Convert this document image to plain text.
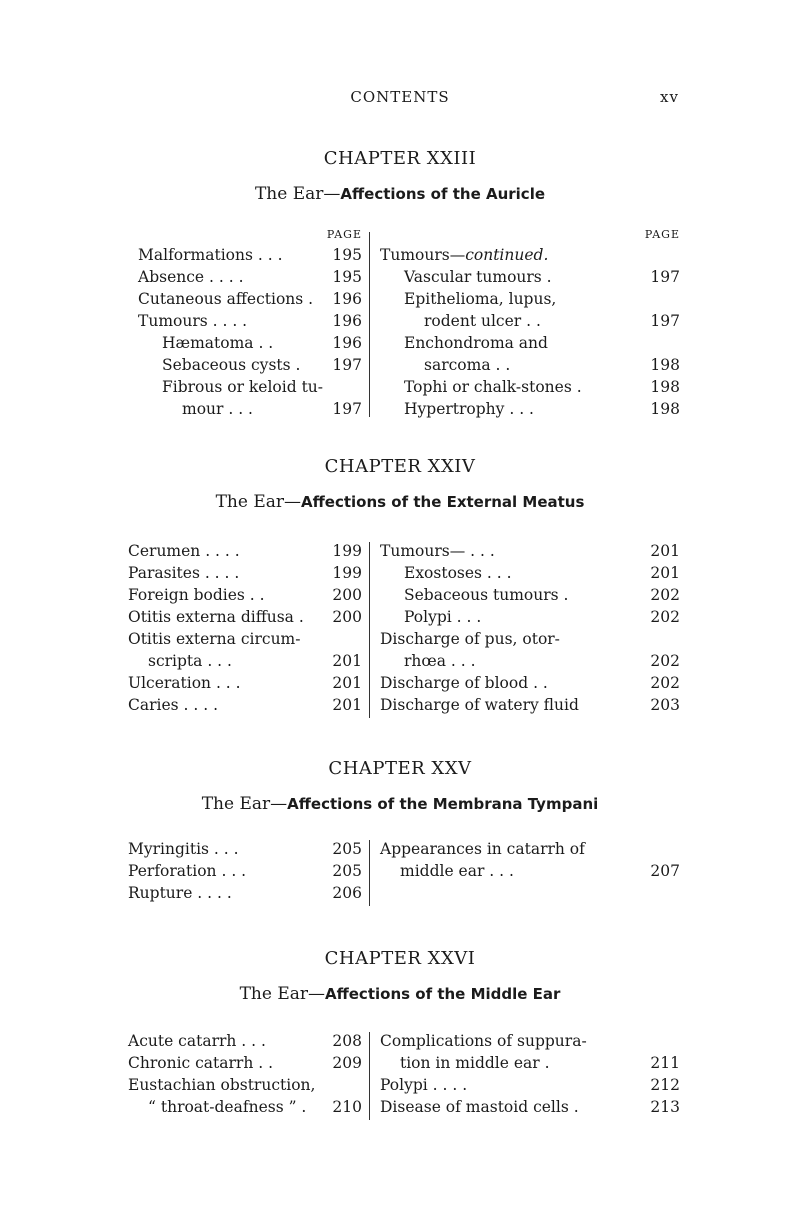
CONTENTS	xv
CHAPTER XXIII
The Ear—Affections of the Auricle
PAGE
Malformations . . .	195
Absence . . . .	195
Cutaneous affections . 196
Tumours . . . .	196
Hæmatoma . .	196
Sebaceous cysts . 197
Fibrous or keloid tu-
mour . . .	197
PAGE
Tumours—continued.
Vascular tumours .	197
Epithelioma, lupus,
rodent ulcer . .	197
Enchondroma and
sarcoma . .	198
Tophi or chalk-stones .	198
Hypertrophy . . .	198
CHAPTER XXIV
The Ear—Affections of the External Meatus
Cerumen . . . .	199
Parasites . . . .	199
Foreign bodies . .	200
Otitis externa diffusa . 200
Otitis externa circum-
scripta . . .	201
Ulceration . . .	201
Caries . . . .	201
Tumours— . . .	201
Exostoses . . .	201
Sebaceous tumours .	202
Polypi . . .	202
Discharge of pus, otor-
rhœa . . .	202
Discharge of blood . .	202
Discharge of watery fluid	203
CHAPTER XXV
The Ear—Affections of the Membrana Tympani
Myringitis . . .	205
Perforation . . .	205
Rupture . . . .	206
Appearances in catarrh of
middle ear . . .	207
CHAPTER XXVI
The Ear—Affections of the Middle Ear
Acute catarrh . . .	208
Chronic catarrh . .	209
Eustachian obstruction,
“ throat-deafness ” . 210
Complications of suppura-
tion in middle ear .	211
Polypi . . . .	212
Disease of mastoid cells .	213
